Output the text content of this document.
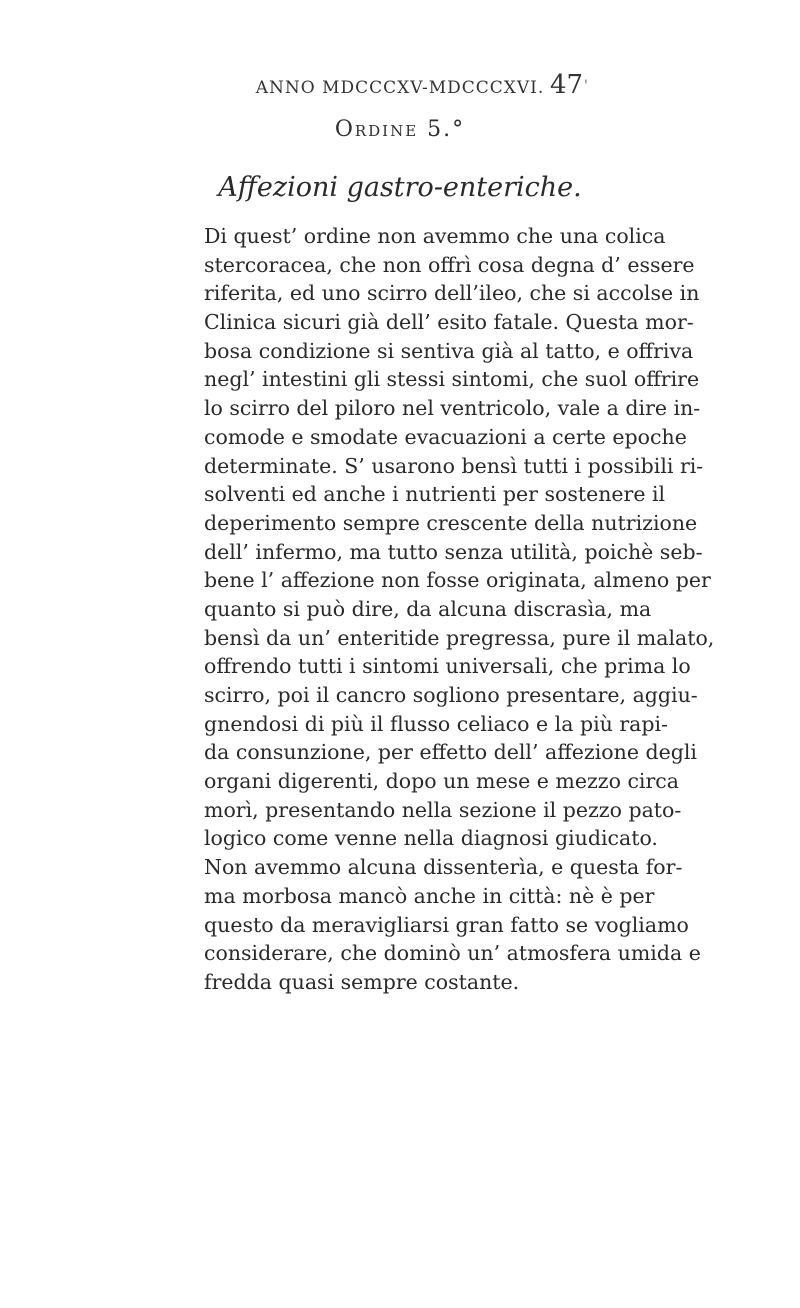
ANNO MDCCCXV-MDCCCXVI. 47 '
Ordine 5.°
Affezioni gastro-enteriche.
Di quest’ ordine non avemmo che una colica
stercoracea, che non offrì cosa degna d’ essere
riferita, ed uno scirro dell’ileo, che si accolse in
Clinica sicuri già dell’ esito fatale. Questa mor-
bosa condizione si sentiva già al tatto, e offriva
negl’ intestini gli stessi sintomi, che suol offrire
lo scirro del piloro nel ventricolo, vale a dire in-
comode e smodate evacuazioni a certe epoche
determinate. S’ usarono bensì tutti i possibili ri-
solventi ed anche i nutrienti per sostenere il
deperimento sempre crescente della nutrizione
dell’ infermo, ma tutto senza utilità, poichè seb-
bene l’ affezione non fosse originata, almeno per
quanto si può dire, da alcuna discrasìa, ma
bensì da un’ enteritide pregressa, pure il malato,
offrendo tutti i sintomi universali, che prima lo
scirro, poi il cancro sogliono presentare, aggiu-
gnendosi di più il flusso celiaco e la più rapi-
da consunzione, per effetto dell’ affezione degli
organi digerenti, dopo un mese e mezzo circa
morì, presentando nella sezione il pezzo pato-
logico come venne nella diagnosi giudicato.
Non avemmo alcuna dissenterìa, e questa for-
ma morbosa mancò anche in città: nè è per
questo da meravigliarsi gran fatto se vogliamo
considerare, che dominò un’ atmosfera umida e
fredda quasi sempre costante.
